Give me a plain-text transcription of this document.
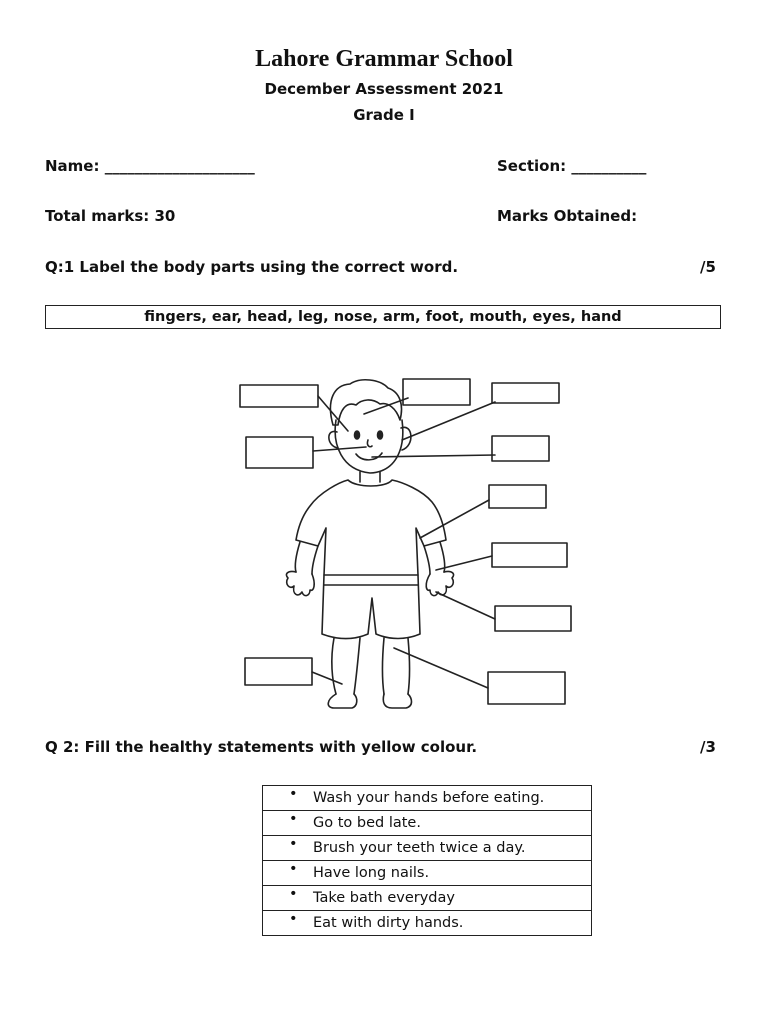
Lahore Grammar School
December Assessment 2021
Grade I
Name: ____________________	Section: __________
Total marks: 30	Marks Obtained:
Q:1 Label the body parts using the correct word.	/5
fingers, ear, head, leg, nose, arm, foot, mouth, eyes, hand
Q 2: Fill the healthy statements with yellow colour.	/3
• Wash your hands before eating.

• Go to bed late.

• Brush your teeth twice a day.

• Have long nails.

• Take bath everyday

• Eat with dirty hands.
